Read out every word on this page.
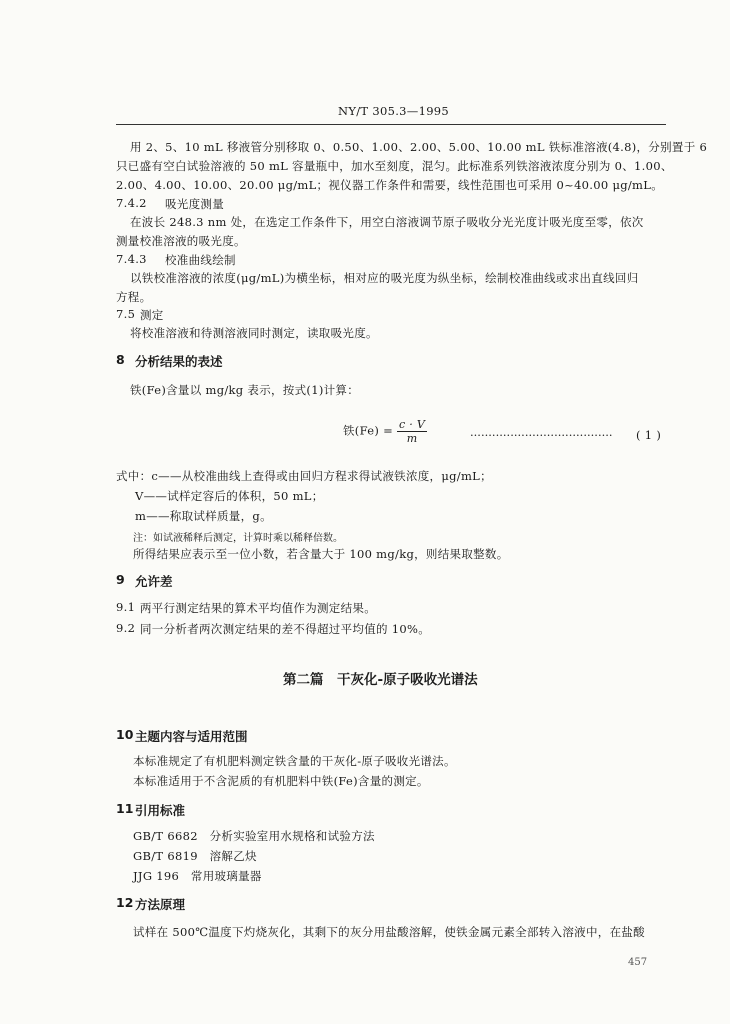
NY/T 305.3—1995
用 2、5、10 mL 移液管分别移取 0、0.50、1.00、2.00、5.00、10.00 mL 铁标准溶液(4.8)，分别置于 6
只已盛有空白试验溶液的 50 mL 容量瓶中，加水至刻度，混匀。此标准系列铁溶液浓度分别为 0、1.00、
2.00、4.00、10.00、20.00 μg/mL；视仪器工作条件和需要，线性范围也可采用 0~40.00 μg/mL。
7.4.2 吸光度测量
在波长 248.3 nm 处，在选定工作条件下，用空白溶液调节原子吸收分光光度计吸光度至零，依次
测量校准溶液的吸光度。
7.4.3 校准曲线绘制
以铁校准溶液的浓度(μg/mL)为横坐标，相对应的吸光度为纵坐标，绘制校准曲线或求出直线回归
方程。
7.5 测定
将校准溶液和待测溶液同时测定，读取吸光度。
8 分析结果的表述
铁(Fe)含量以 mg/kg 表示，按式(1)计算：
铁$(Fe) = \frac{c \cdot V}{m}$	······································· ( 1 )
式中：c——从校准曲线上查得或由回归方程求得试液铁浓度，μg/mL；
V——试样定容后的体积，50 mL；
m——称取试样质量，g。
注：如试液稀释后测定，计算时乘以稀释倍数。
所得结果应表示至一位小数，若含量大于 100 mg/kg，则结果取整数。
9 允许差
9.1 两平行测定结果的算术平均值作为测定结果。
9.2 同一分析者两次测定结果的差不得超过平均值的 10%。
第二篇　干灰化-原子吸收光谱法
10 主题内容与适用范围
本标准规定了有机肥料测定铁含量的干灰化-原子吸收光谱法。
本标准适用于不含泥质的有机肥料中铁(Fe)含量的测定。
11 引用标准
GB/T 6682　分析实验室用水规格和试验方法
GB/T 6819　溶解乙炔
JJG 196　常用玻璃量器
12 方法原理
试样在 500℃温度下灼烧灰化，其剩下的灰分用盐酸溶解，使铁金属元素全部转入溶液中，在盐酸
457
